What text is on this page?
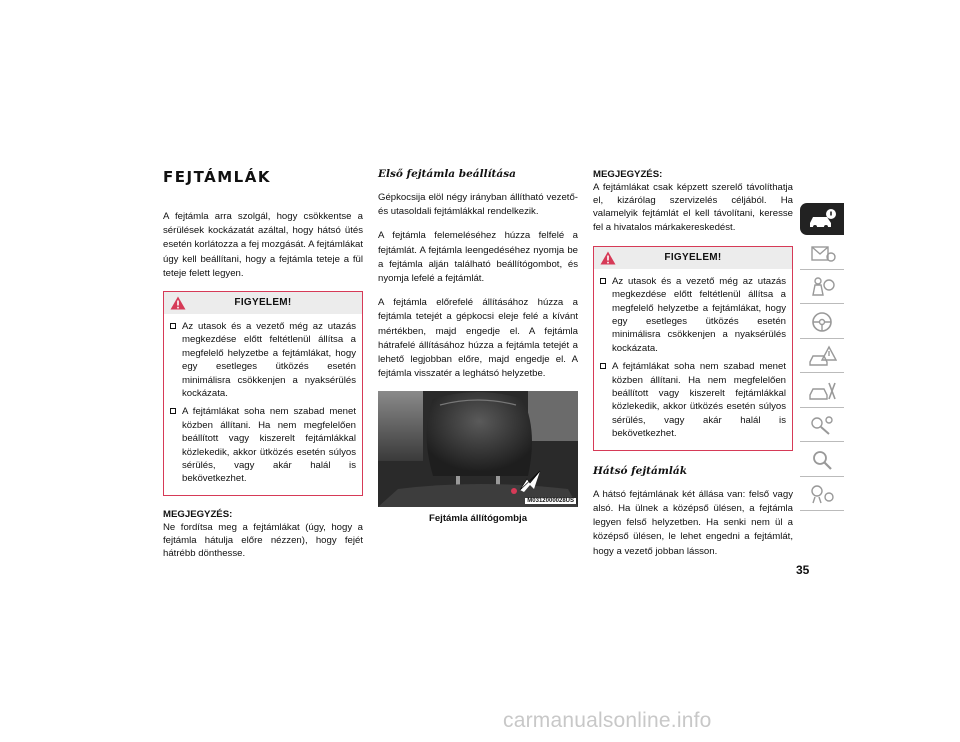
FEJTÁMLÁK

A fejtámla arra szolgál, hogy csökkentse a sérülések kockázatát azáltal, hogy hátsó ütés esetén korlátozza a fej mozgását. A fejtámlákat úgy kell beállítani, hogy a fejtámla teteje a fül teteje felett legyen.

FIGYELEM!
Az utasok és a vezető még az utazás megkezdése előtt feltétlenül állítsa a megfelelő helyzetbe a fejtámlákat, hogy egy esetleges ütközés esetén minimálisra csökkenjen a nyaksérülés kockázata.
A fejtámlákat soha nem szabad menet közben állítani. Ha nem megfelelően beállított vagy kiszerelt fejtámlákkal közlekedik, akkor ütközés esetén súlyos sérülés, vagy akár halál is bekövetkezhet.
MEGJEGYZÉS:

Ne fordítsa meg a fejtámlákat (úgy, hogy a fejtámla hátulja előre nézzen), hogy fejét hátrébb dönthesse.

Első fejtámla beállítása

Gépkocsija elöl négy irányban állítható vezető- és utasoldali fejtámlákkal rendelkezik.

A fejtámla felemeléséhez húzza felfelé a fejtámlát. A fejtámla leengedéséhez nyomja be a fejtámla alján található beállítógombot, és nyomja lefelé a fejtámlát.

A fejtámla előrefelé állításához húzza a fejtámla tetejét a gépkocsi eleje felé a kívánt mértékben, majd engedje el. A fejtámla hátrafelé állításához húzza a fejtámla tetejét a lehető legjobban előre, majd engedje el. A fejtámla visszatér a leghátsó helyzetbe.

M0312000028US
Fejtámla állítógombja
MEGJEGYZÉS:

A fejtámlákat csak képzett szerelő távolíthatja el, kizárólag szervizelés céljából. Ha valamelyik fejtámlát el kell távolítani, keresse fel a hivatalos márkakereskedést.

FIGYELEM!
Az utasok és a vezető még az utazás megkezdése előtt feltétlenül állítsa a megfelelő helyzetbe a fejtámlákat, hogy egy esetleges ütközés esetén minimálisra csökkenjen a nyaksérülés kockázata.
A fejtámlákat soha nem szabad menet közben állítani. Ha nem megfelelően beállított vagy kiszerelt fejtámlákkal közlekedik, akkor ütközés esetén súlyos sérülés, vagy akár halál is bekövetkezhet.
Hátsó fejtámlák

A hátsó fejtámlának két állása van: felső vagy alsó. Ha ülnek a középső ülésen, a fejtámla legyen felső helyzetben. Ha senki nem ül a középső ülésen, le lehet engedni a fejtámlát, hogy a vezető jobban lásson.

35
carmanualsonline.info
